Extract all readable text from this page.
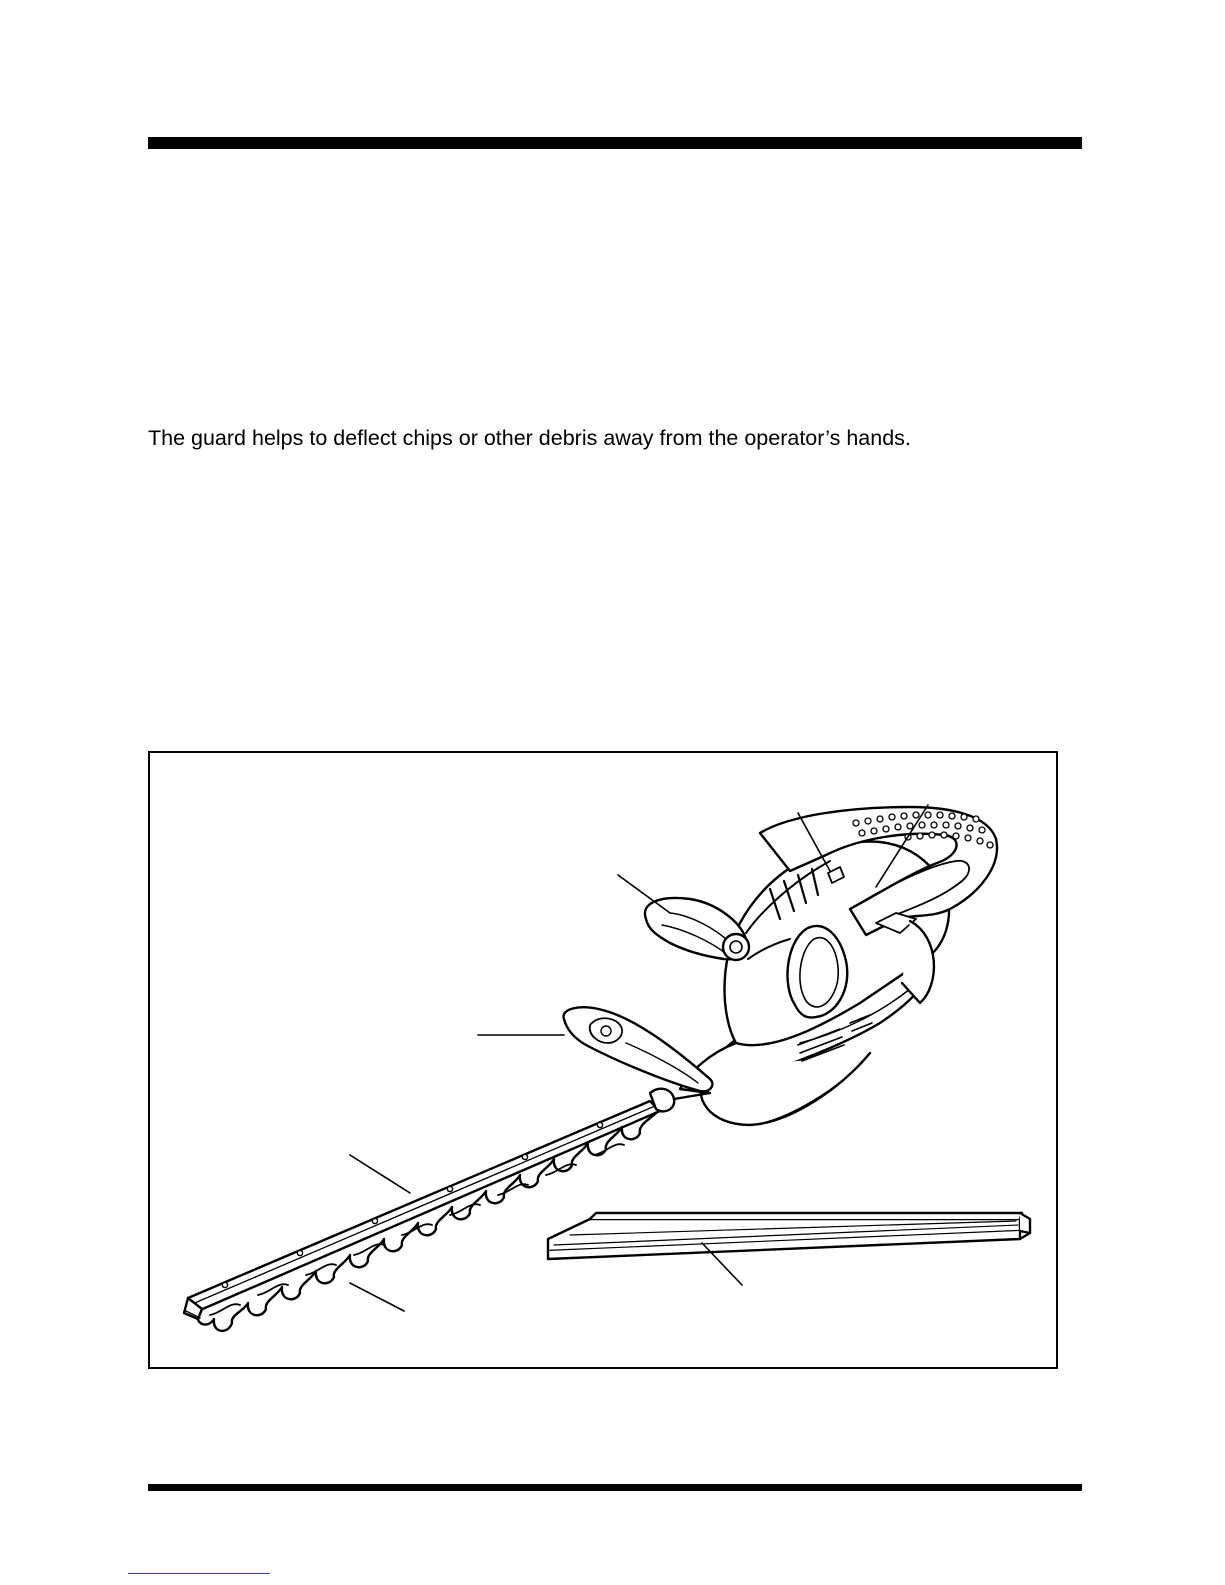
The guard helps to deflect chips or other debris away from the operator’s hands.
